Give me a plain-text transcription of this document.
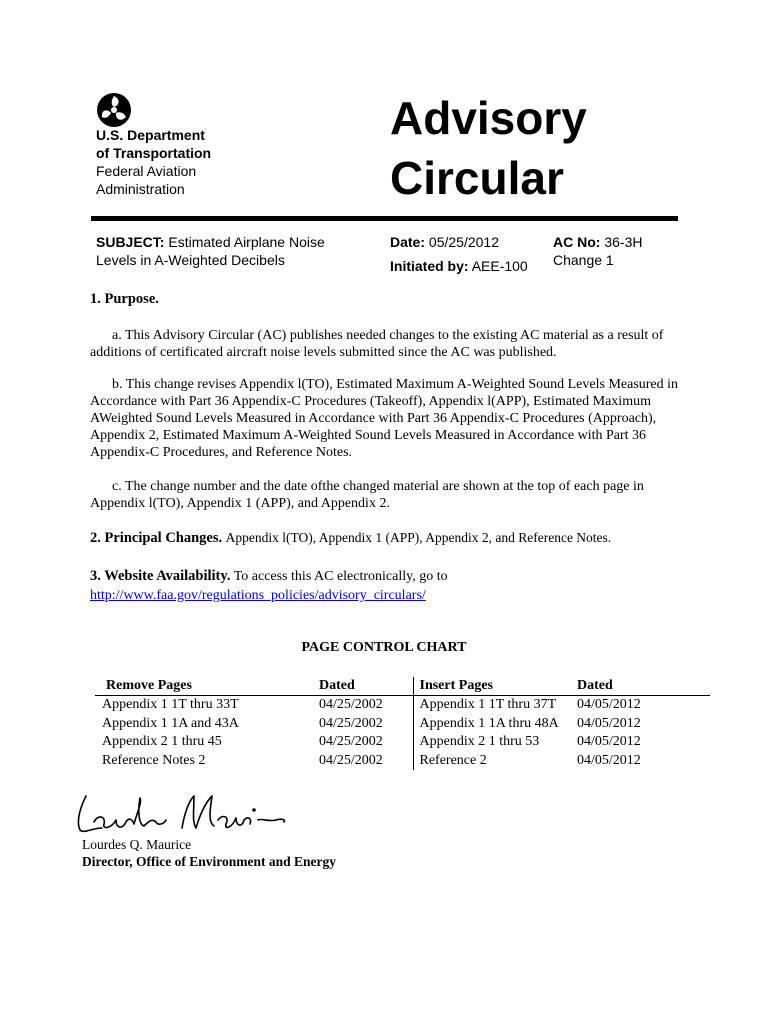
U.S. Department
of Transportation
Federal Aviation
Administration
Advisory
Circular
SUBJECT: Estimated Airplane Noise
Levels in A-Weighted Decibels
Date: 05/25/2012
Initiated by: AEE-100
AC No: 36-3H
Change 1
1. Purpose.
a. This Advisory Circular (AC) publishes needed changes to the existing AC material as a result of additions of certificated aircraft noise levels submitted since the AC was published.
b. This change revises Appendix l(TO), Estimated Maximum A-Weighted Sound Levels Measured in Accordance with Part 36 Appendix-C Procedures (Takeoff), Appendix l(APP), Estimated Maximum AWeighted Sound Levels Measured in Accordance with Part 36 Appendix-C Procedures (Approach), Appendix 2, Estimated Maximum A-Weighted Sound Levels Measured in Accordance with Part 36 Appendix-C Procedures, and Reference Notes.
c. The change number and the date ofthe changed material are shown at the top of each page in Appendix l(TO), Appendix 1 (APP), and Appendix 2.
2. Principal Changes. Appendix l(TO), Appendix 1 (APP), Appendix 2, and Reference Notes.
3. Website Availability. To access this AC electronically, go to
http://www.faa.gov/regulations_policies/advisory_circulars/
PAGE CONTROL CHART
Remove Pages	Dated	Insert Pages	Dated
Appendix 1 1T thru 33T	04/25/2002	Appendix 1 1T thru 37T	04/05/2012
Appendix 1 1A and 43A	04/25/2002	Appendix 1 1A thru 48A	04/05/2012
Appendix 2 1 thru 45	04/25/2002	Appendix 2 1 thru 53	04/05/2012
Reference Notes 2	04/25/2002	Reference 2	04/05/2012
Lourdes Q. Maurice
Director, Office of Environment and Energy
